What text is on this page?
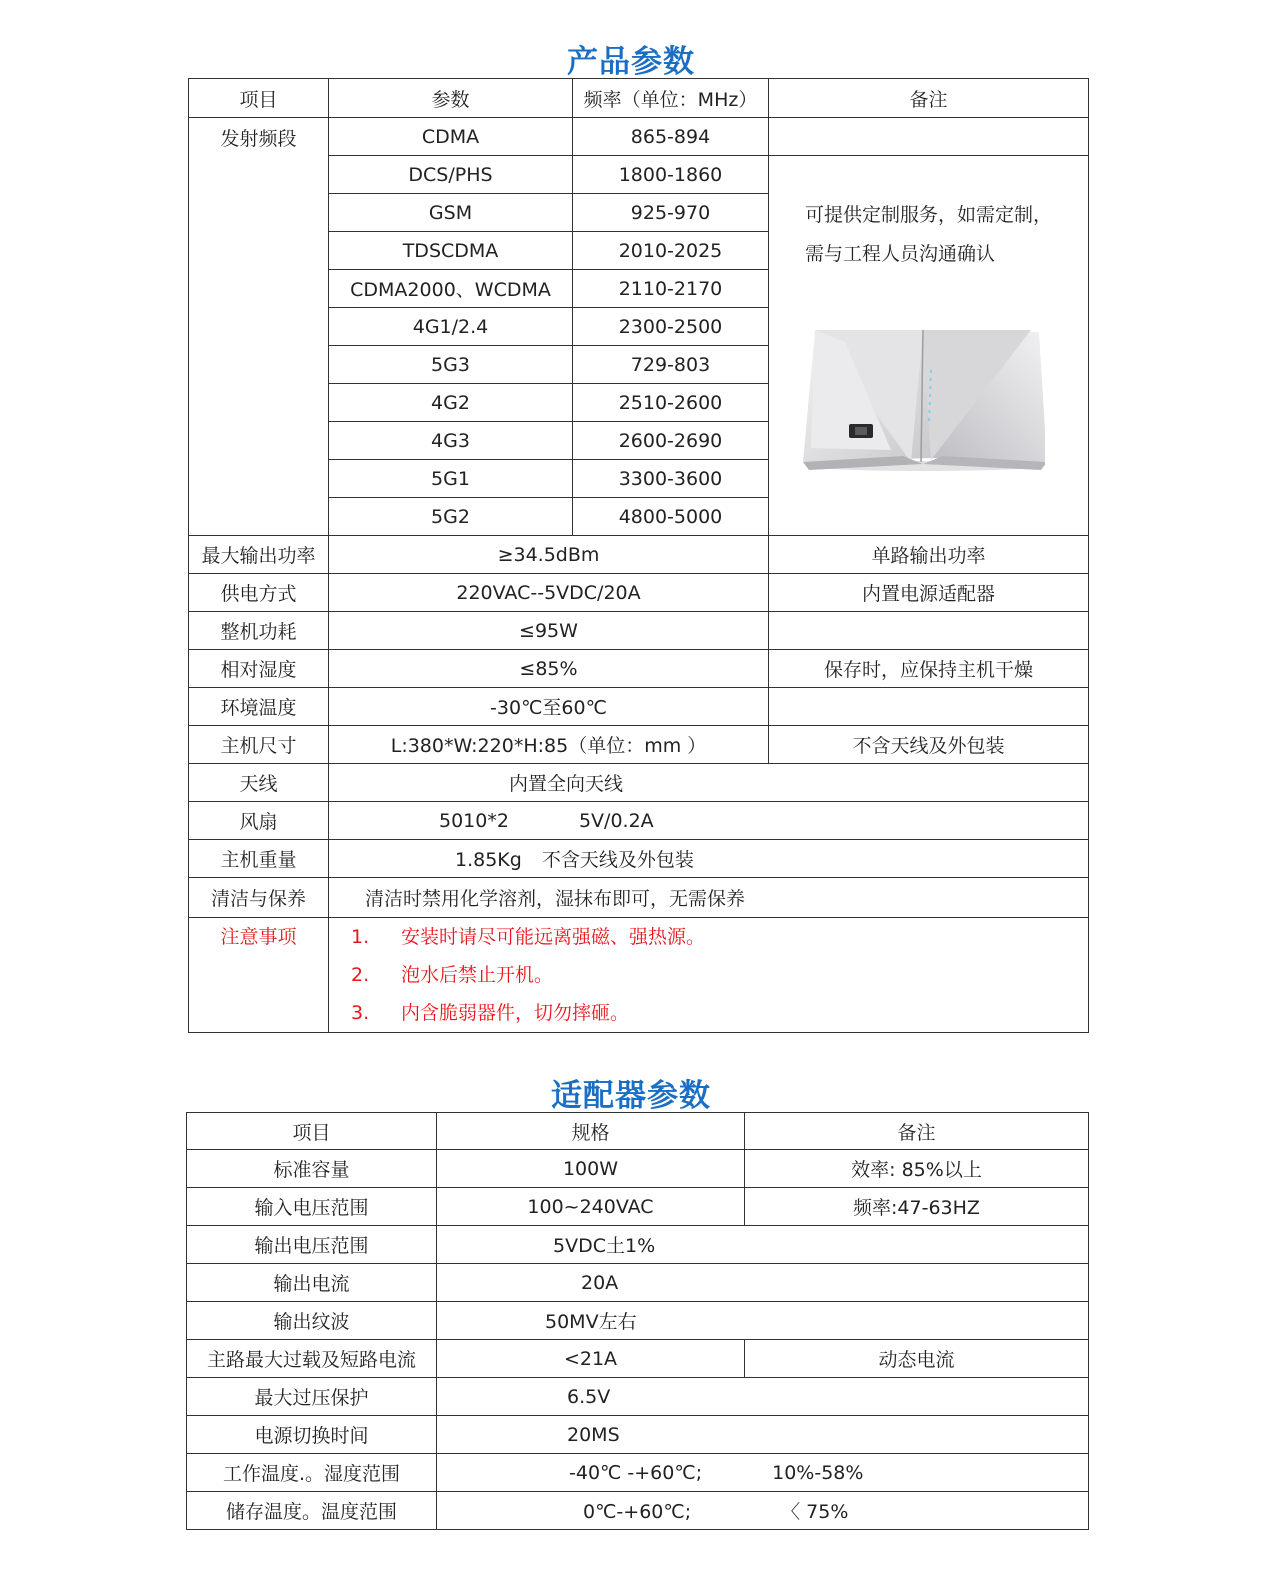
产品参数
项目	参数	频率（单位：MHz）	备注
发射频段	CDMA	865-894	
	DCS/PHS	1800-1860	可提供定制服务，如需定制，
需与工程人员沟通确认

	GSM	925-970	
	TDSCDMA	2010-2025	
	CDMA2000、WCDMA	2110-2170	
	4G1/2.4	2300-2500	
	5G3	729-803	
	4G2	2510-2600	
	4G3	2600-2690	
	5G1	3300-3600	
	5G2	4800-5000	
最大输出功率	≥34.5dBm		单路输出功率
供电方式	220VAC--5VDC/20A		内置电源适配器
整机功耗	≤95W		
相对湿度	≤85%		保存时，应保持主机干燥
环境温度	-30℃至60℃		
主机尺寸	L:380*W:220*H:85（单位：mm ）		不含天线及外包装
天线	内置全向天线		
风扇	5010*2 5V/0.2A		
主机重量	1.85Kg 不含天线及外包装		
清洁与保养	清洁时禁用化学溶剂，湿抹布即可，无需保养		
注意事项	1. 安装时请尽可能远离强磁、强热源。
2. 泡水后禁止开机。
3. 内含脆弱器件，切勿摔砸。		
适配器参数
项目	规格	备注
标准容量	100W	效率: 85%以上
输入电压范围	100~240VAC	频率:47-63HZ
输出电压范围	5VDC土1%	
输出电流	20A	
输出纹波	50MV左右	
主路最大过载及短路电流	<21A	动态电流
最大过压保护	6.5V	
电源切换时间	20MS	
工作温度.。湿度范围	-40℃ -+60℃; 10%-58%	
储存温度。温度范围	0℃-+60℃; 〈 75%	
